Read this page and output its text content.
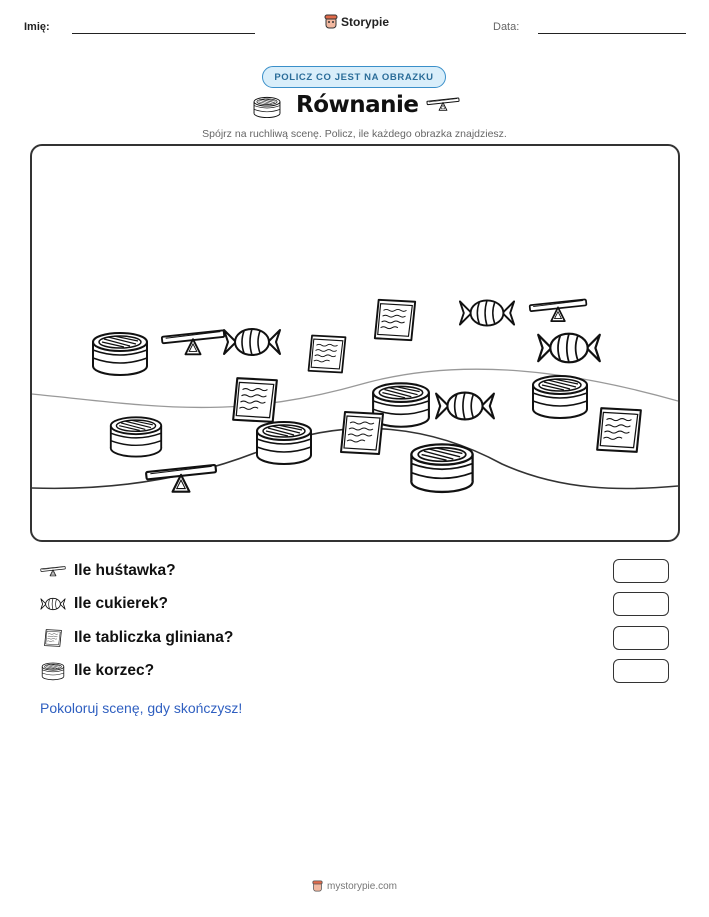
Imię:	Storypie	Data:
POLICZ CO JEST NA OBRAZKU
Równanie
Spójrz na ruchliwą scenę. Policz, ile każdego obrazka znajdziesz.
Ile huśtawka?
Ile cukierek?
Ile tabliczka gliniana?
Ile korzec?
Pokoloruj scenę, gdy skończysz!
mystorypie.com
